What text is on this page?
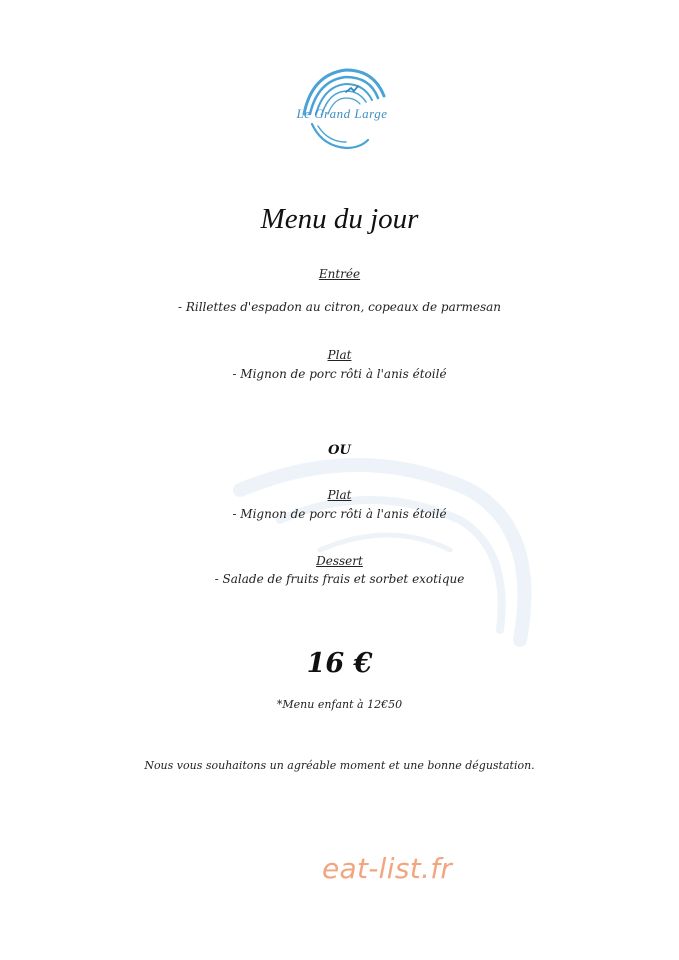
Le Grand Large
Menu du jour
Entrée
- Rillettes d'espadon au citron, copeaux de parmesan
Plat
- Mignon de porc rôti à l'anis étoilé
OU
Plat
- Mignon de porc rôti à l'anis étoilé
Dessert
- Salade de fruits frais et sorbet exotique
16 €
*Menu enfant à 12€50
Nous vous souhaitons un agréable moment et une bonne dégustation.
eat-list.fr
